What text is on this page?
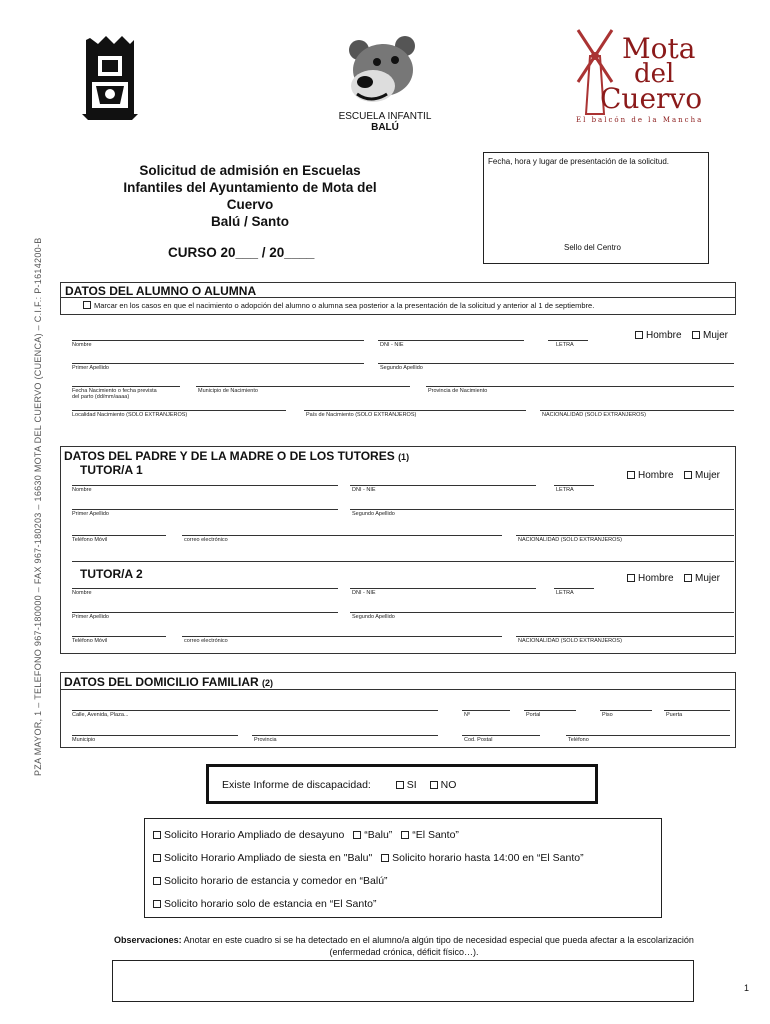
PZA MAYOR, 1 – TELEFONO 967-180000 – FAX 967-180203 – 16630 MOTA DEL CUERVO (CUENCA) – C.I.F.: P-1614200-B
ESCUELA INFANTIL
BALÚ
Mota
del
Cuervo
El balcón de la Mancha
Solicitud de admisión en Escuelas
Infantiles del Ayuntamiento de Mota del
Cuervo
Balú / Santo
CURSO 20___ / 20____
Fecha, hora y lugar de presentación de la solicitud.
Sello del Centro
DATOS DEL ALUMNO O ALUMNA
Marcar en los casos en que el nacimiento o adopción del alumno o alumna sea posterior a la presentación de la solicitud y anterior al 1 de septiembre.
Hombre	Mujer
Nombre	DNI - NIE	LETRA
Primer Apellido	Segundo Apellido
Fecha Nacimiento o fecha prevista
del parto (dd/mm/aaaa)
Municipio de Nacimiento	Provincia de Nacimiento
Localidad Nacimiento (SOLO EXTRANJEROS)	País de Nacimiento (SOLO EXTRANJEROS)	NACIONALIDAD (SOLO EXTRANJEROS)
DATOS DEL PADRE Y DE LA MADRE O DE LOS TUTORES (1)
TUTOR/A 1	Hombre	Mujer
Nombre	DNI - NIE	LETRA
Primer Apellido	Segundo Apellido
Teléfono Móvil	correo electrónico	NACIONALIDAD (SOLO EXTRANJEROS)
TUTOR/A 2	Hombre	Mujer
Nombre	DNI - NIE	LETRA
Primer Apellido	Segundo Apellido
Teléfono Móvil	correo electrónico	NACIONALIDAD (SOLO EXTRANJEROS)
DATOS DEL DOMICILIO FAMILIAR (2)
Calle, Avenida, Plaza...	Nº	Portal	Piso	Puerta
Municipio	Provincia	Cod. Postal	Teléfono
Existe Informe de discapacidad:	SI NO
Solicito Horario Ampliado de desayuno “Balu” “El Santo”
Solicito Horario Ampliado de siesta en "Balu" Solicito horario hasta 14:00 en “El Santo”
Solicito horario de estancia y comedor en “Balú”
Solicito horario solo de estancia en “El Santo”
Observaciones: Anotar en este cuadro si se ha detectado en el alumno/a algún tipo de necesidad especial que pueda afectar a la escolarización
(enfermedad crónica, déficit físico…).
1
